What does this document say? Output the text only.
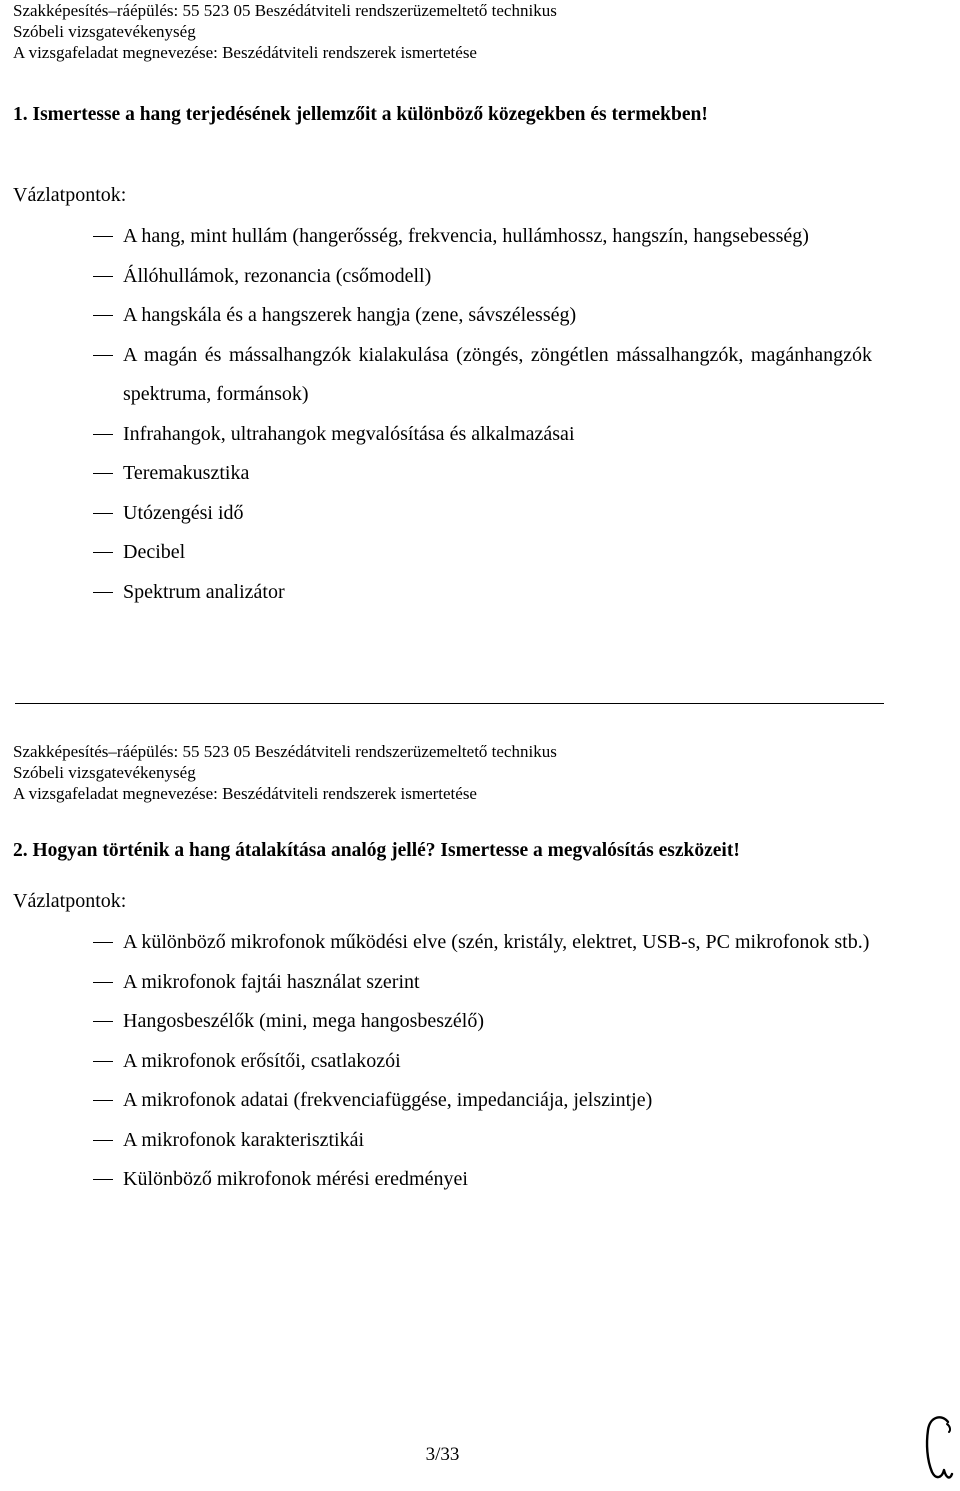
Szakképesítés–ráépülés: 55 523 05 Beszédátviteli rendszerüzemeltető technikus
Szóbeli vizsgatevékenység
A vizsgafeladat megnevezése: Beszédátviteli rendszerek ismertetése
1. Ismertesse a hang terjedésének jellemzőit a különböző közegekben és termekben!
Vázlatpontok:
A hang, mint hullám (hangerősség, frekvencia, hullámhossz, hangszín, hangsebesség)
Állóhullámok, rezonancia (csőmodell)
A hangskála és a hangszerek hangja (zene, sávszélesség)
A magán és mássalhangzók kialakulása (zöngés, zöngétlen mássalhangzók, magánhangzók spektruma, formánsok)
Infrahangok, ultrahangok megvalósítása és alkalmazásai
Teremakusztika
Utózengési idő
Decibel
Spektrum analizátor
Szakképesítés–ráépülés: 55 523 05 Beszédátviteli rendszerüzemeltető technikus
Szóbeli vizsgatevékenység
A vizsgafeladat megnevezése: Beszédátviteli rendszerek ismertetése
2. Hogyan történik a hang átalakítása analóg jellé? Ismertesse a megvalósítás eszközeit!
Vázlatpontok:
A különböző mikrofonok működési elve (szén, kristály, elektret, USB-s, PC mikrofonok stb.)
A mikrofonok fajtái használat szerint
Hangosbeszélők (mini, mega hangosbeszélő)
A mikrofonok erősítői, csatlakozói
A mikrofonok adatai (frekvenciafüggése, impedanciája, jelszintje)
A mikrofonok karakterisztikái
Különböző mikrofonok mérési eredményei
3/33
